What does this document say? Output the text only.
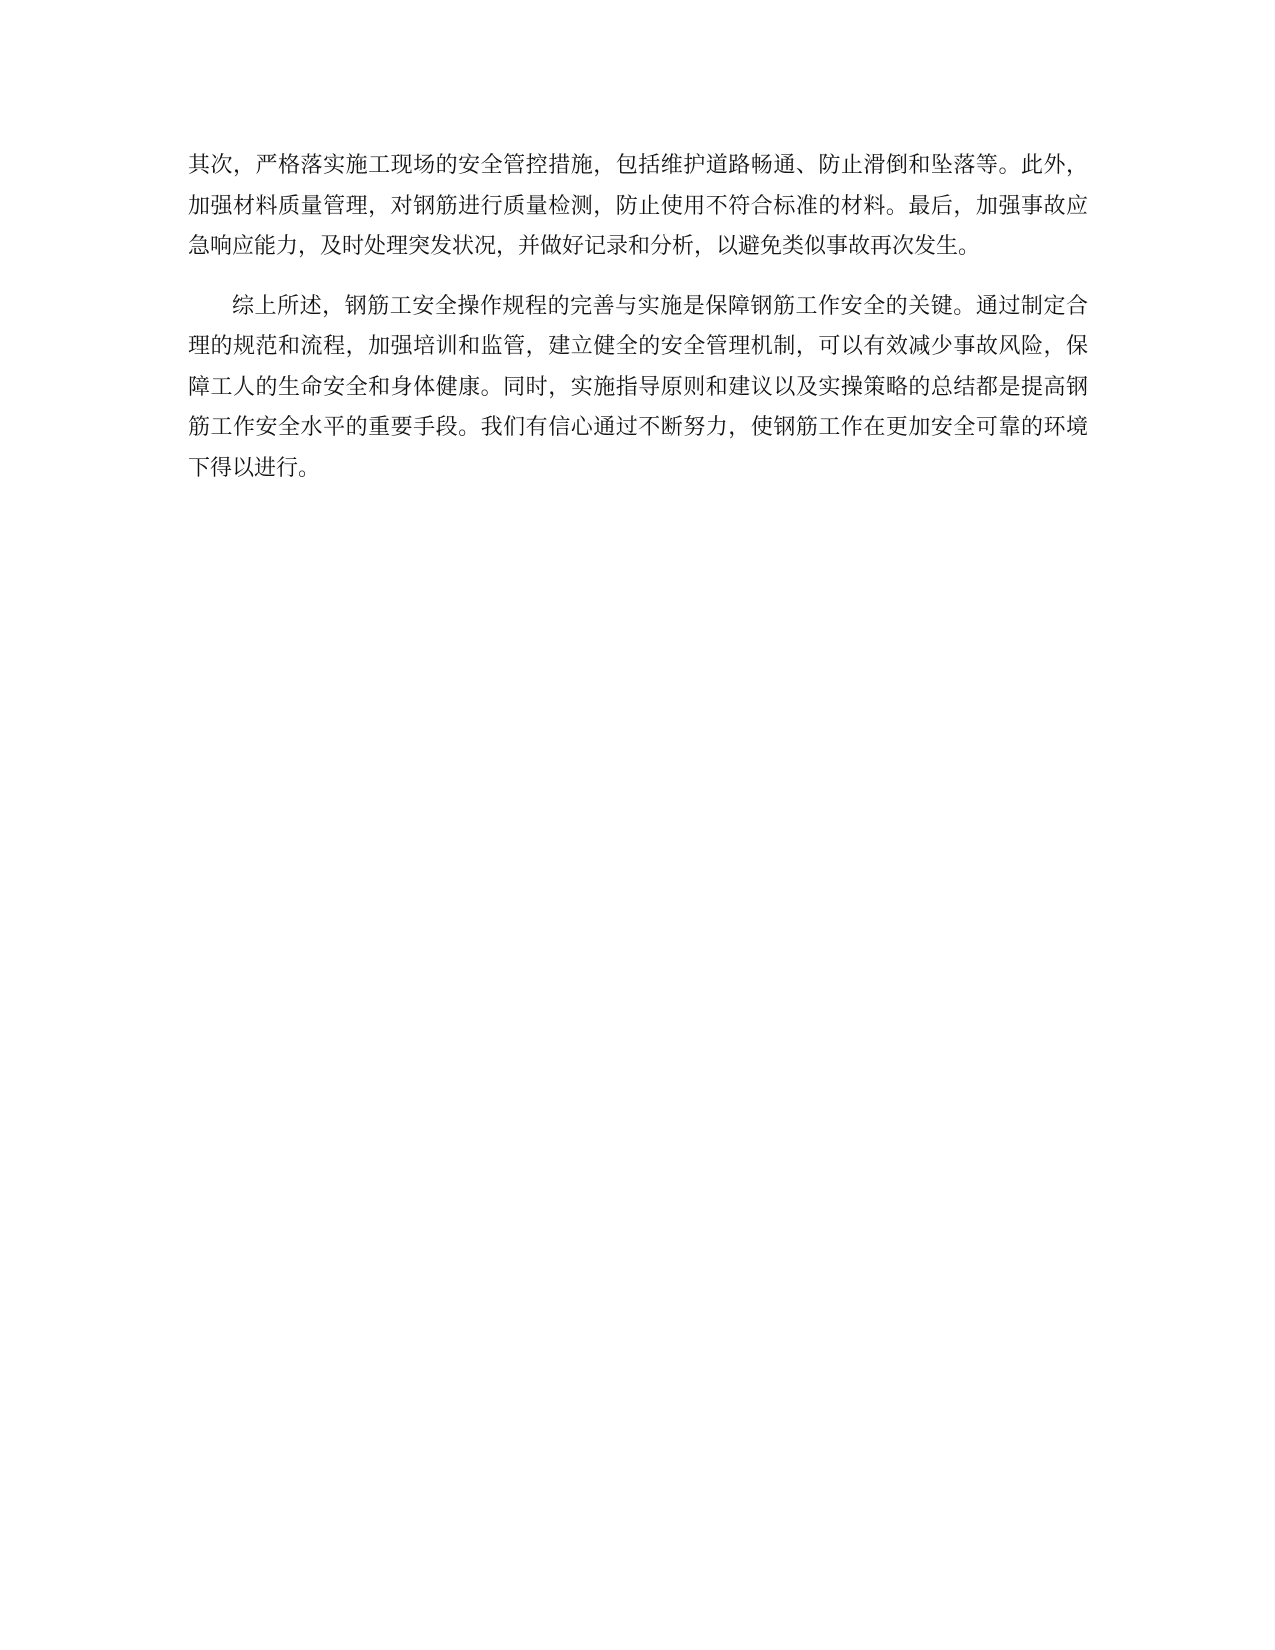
其次，严格落实施工现场的安全管控措施，包括维护道路畅通、防止滑倒和坠落等。此外，加强材料质量管理，对钢筋进行质量检测，防止使用不符合标准的材料。最后，加强事故应急响应能力，及时处理突发状况，并做好记录和分析，以避免类似事故再次发生。

综上所述，钢筋工安全操作规程的完善与实施是保障钢筋工作安全的关键。通过制定合理的规范和流程，加强培训和监管，建立健全的安全管理机制，可以有效减少事故风险，保障工人的生命安全和身体健康。同时，实施指导原则和建议以及实操策略的总结都是提高钢筋工作安全水平的重要手段。我们有信心通过不断努力，使钢筋工作在更加安全可靠的环境下得以进行。
